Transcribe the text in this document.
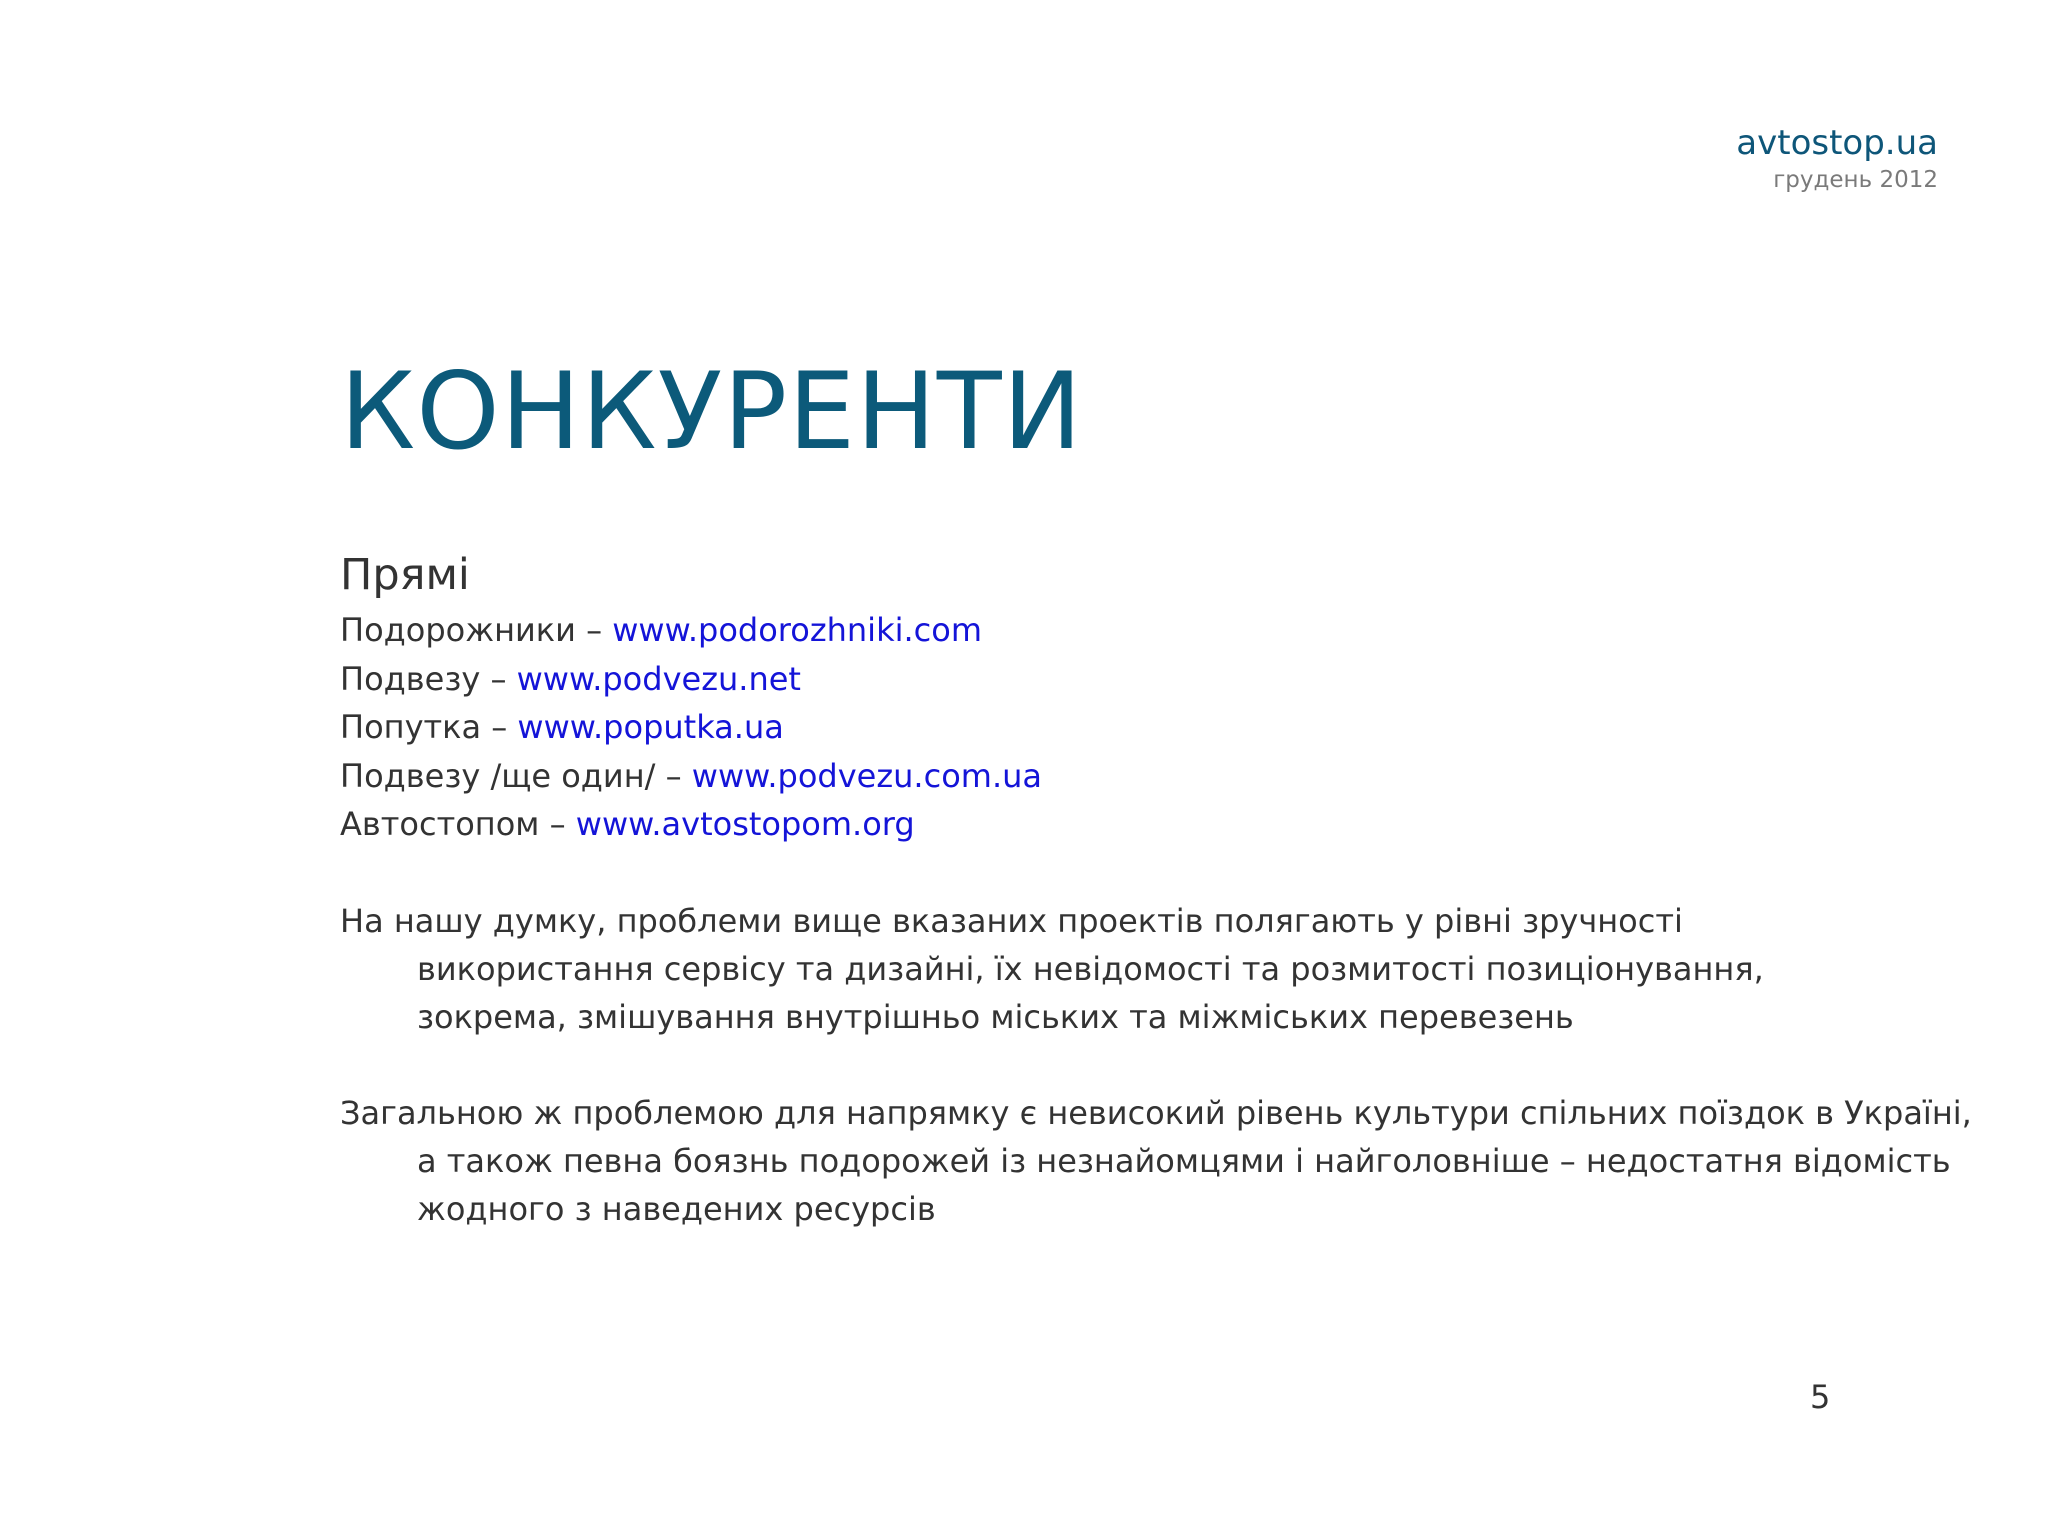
avtostop.ua
грудень 2012
КОНКУРЕНТИ
Прямі
Подорожники – www.podorozhniki.com
Подвезу – www.podvezu.net
Попутка – www.poputka.ua
Подвезу /ще один/ – www.podvezu.com.ua
Автостопом – www.avtostopom.org

На нашу думку, проблеми вище вказаних проектів полягають у рівні зручності використання сервісу та дизайні, їх невідомості та розмитості позиціонування, зокрема, змішування внутрішньо міських та міжміських перевезень

Загальною ж проблемою для напрямку є невисокий рівень культури спільних поїздок в Україні, а також певна боязнь подорожей із незнайомцями і найголовніше – недостатня відомість жодного з наведених ресурсів

5
